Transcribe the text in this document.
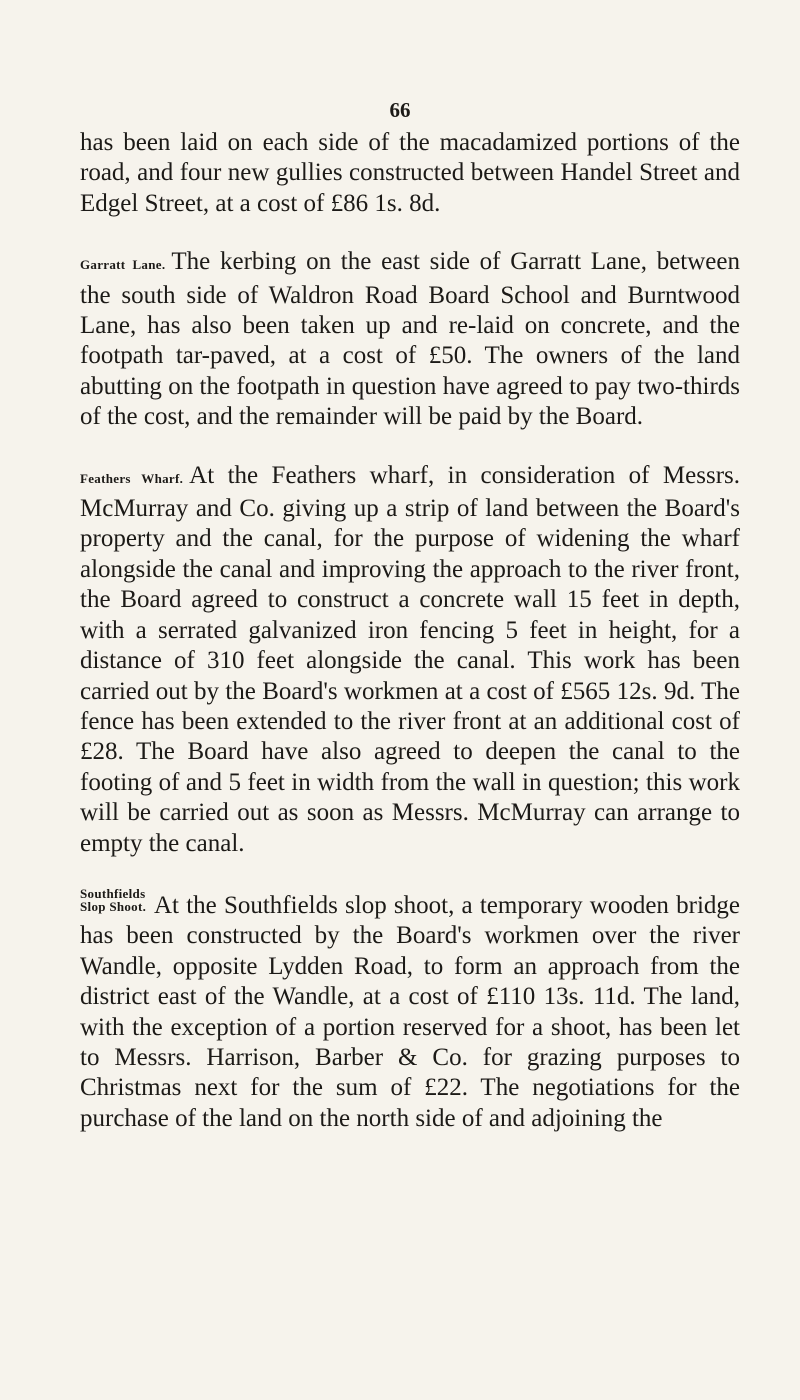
66

has been laid on each side of the macadamized portions of the road, and four new gullies constructed between Handel Street and Edgel Street, at a cost of £86 1s. 8d.

Garratt Lane. The kerbing on the east side of Garratt Lane, between the south side of Waldron Road Board School and Burntwood Lane, has also been taken up and re-laid on concrete, and the footpath tar-paved, at a cost of £50. The owners of the land abutting on the footpath in question have agreed to pay two-thirds of the cost, and the remainder will be paid by the Board.

Feathers Wharf. At the Feathers wharf, in consideration of Messrs. McMurray and Co. giving up a strip of land between the Board's property and the canal, for the purpose of widening the wharf alongside the canal and improving the approach to the river front, the Board agreed to construct a concrete wall 15 feet in depth, with a serrated galvanized iron fencing 5 feet in height, for a distance of 310 feet alongside the canal. This work has been carried out by the Board's workmen at a cost of £565 12s. 9d. The fence has been extended to the river front at an additional cost of £28. The Board have also agreed to deepen the canal to the footing of and 5 feet in width from the wall in question; this work will be carried out as soon as Messrs. McMurray can arrange to empty the canal.

Southfields Slop Shoot. At the Southfields slop shoot, a temporary wooden bridge has been constructed by the Board's workmen over the river Wandle, opposite Lydden Road, to form an approach from the district east of the Wandle, at a cost of £110 13s. 11d. The land, with the exception of a portion reserved for a shoot, has been let to Messrs. Harrison, Barber & Co. for grazing purposes to Christmas next for the sum of £22. The negotiations for the purchase of the land on the north side of and adjoining the
